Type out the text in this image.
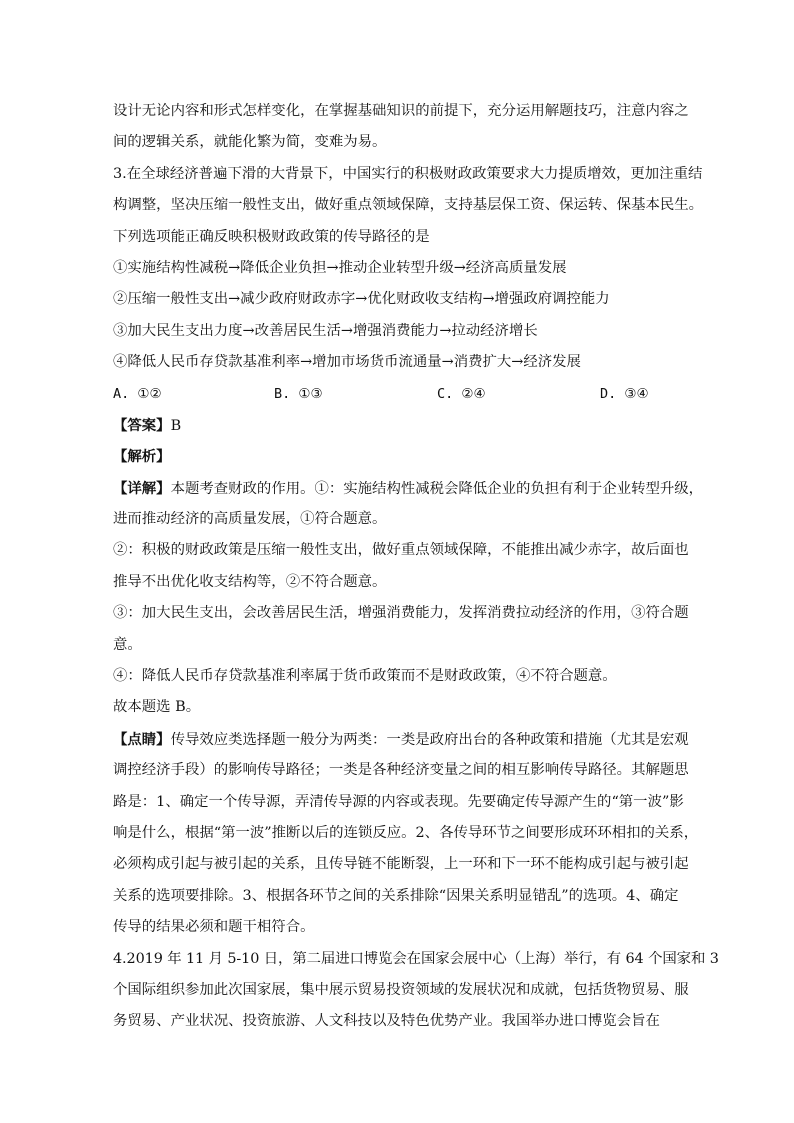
设计无论内容和形式怎样变化，在掌握基础知识的前提下，充分运用解题技巧，注意内容之
间的逻辑关系，就能化繁为简，变难为易。
3.在全球经济普遍下滑的大背景下，中国实行的积极财政政策要求大力提质增效，更加注重结
构调整，坚决压缩一般性支出，做好重点领域保障，支持基层保工资、保运转、保基本民生。
下列选项能正确反映积极财政政策的传导路径的是
①实施结构性减税→降低企业负担→推动企业转型升级→经济高质量发展
②压缩一般性支出→减少政府财政赤字→优化财政收支结构→增强政府调控能力
③加大民生支出力度→改善居民生活→增强消费能力→拉动经济增长
④降低人民币存贷款基准利率→增加市场货币流通量→消费扩大→经济发展
A. ①②	B. ①③	C. ②④	D. ③④
【答案】B
【解析】
【详解】本题考查财政的作用。①：实施结构性减税会降低企业的负担有利于企业转型升级，
进而推动经济的高质量发展，①符合题意。
②：积极的财政政策是压缩一般性支出，做好重点领域保障，不能推出减少赤字，故后面也
推导不出优化收支结构等，②不符合题意。
③：加大民生支出，会改善居民生活，增强消费能力，发挥消费拉动经济的作用，③符合题
意。
④：降低人民币存贷款基准利率属于货币政策而不是财政政策，④不符合题意。
故本题选 B。
【点睛】传导效应类选择题一般分为两类：一类是政府出台的各种政策和措施（尤其是宏观
调控经济手段）的影响传导路径；一类是各种经济变量之间的相互影响传导路径。其解题思
路是：1、确定一个传导源，弄清传导源的内容或表现。先要确定传导源产生的“第一波”影
响是什么，根据“第一波”推断以后的连锁反应。2、各传导环节之间要形成环环相扣的关系，
必须构成引起与被引起的关系，且传导链不能断裂，上一环和下一环不能构成引起与被引起
关系的选项要排除。3、根据各环节之间的关系排除“因果关系明显错乱”的选项。4、确定
传导的结果必须和题干相符合。
4.2019 年 11 月 5-10 日，第二届进口博览会在国家会展中心（上海）举行，有 64 个国家和 3
个国际组织参加此次国家展，集中展示贸易投资领域的发展状况和成就，包括货物贸易、服
务贸易、产业状况、投资旅游、人文科技以及特色优势产业。我国举办进口博览会旨在
